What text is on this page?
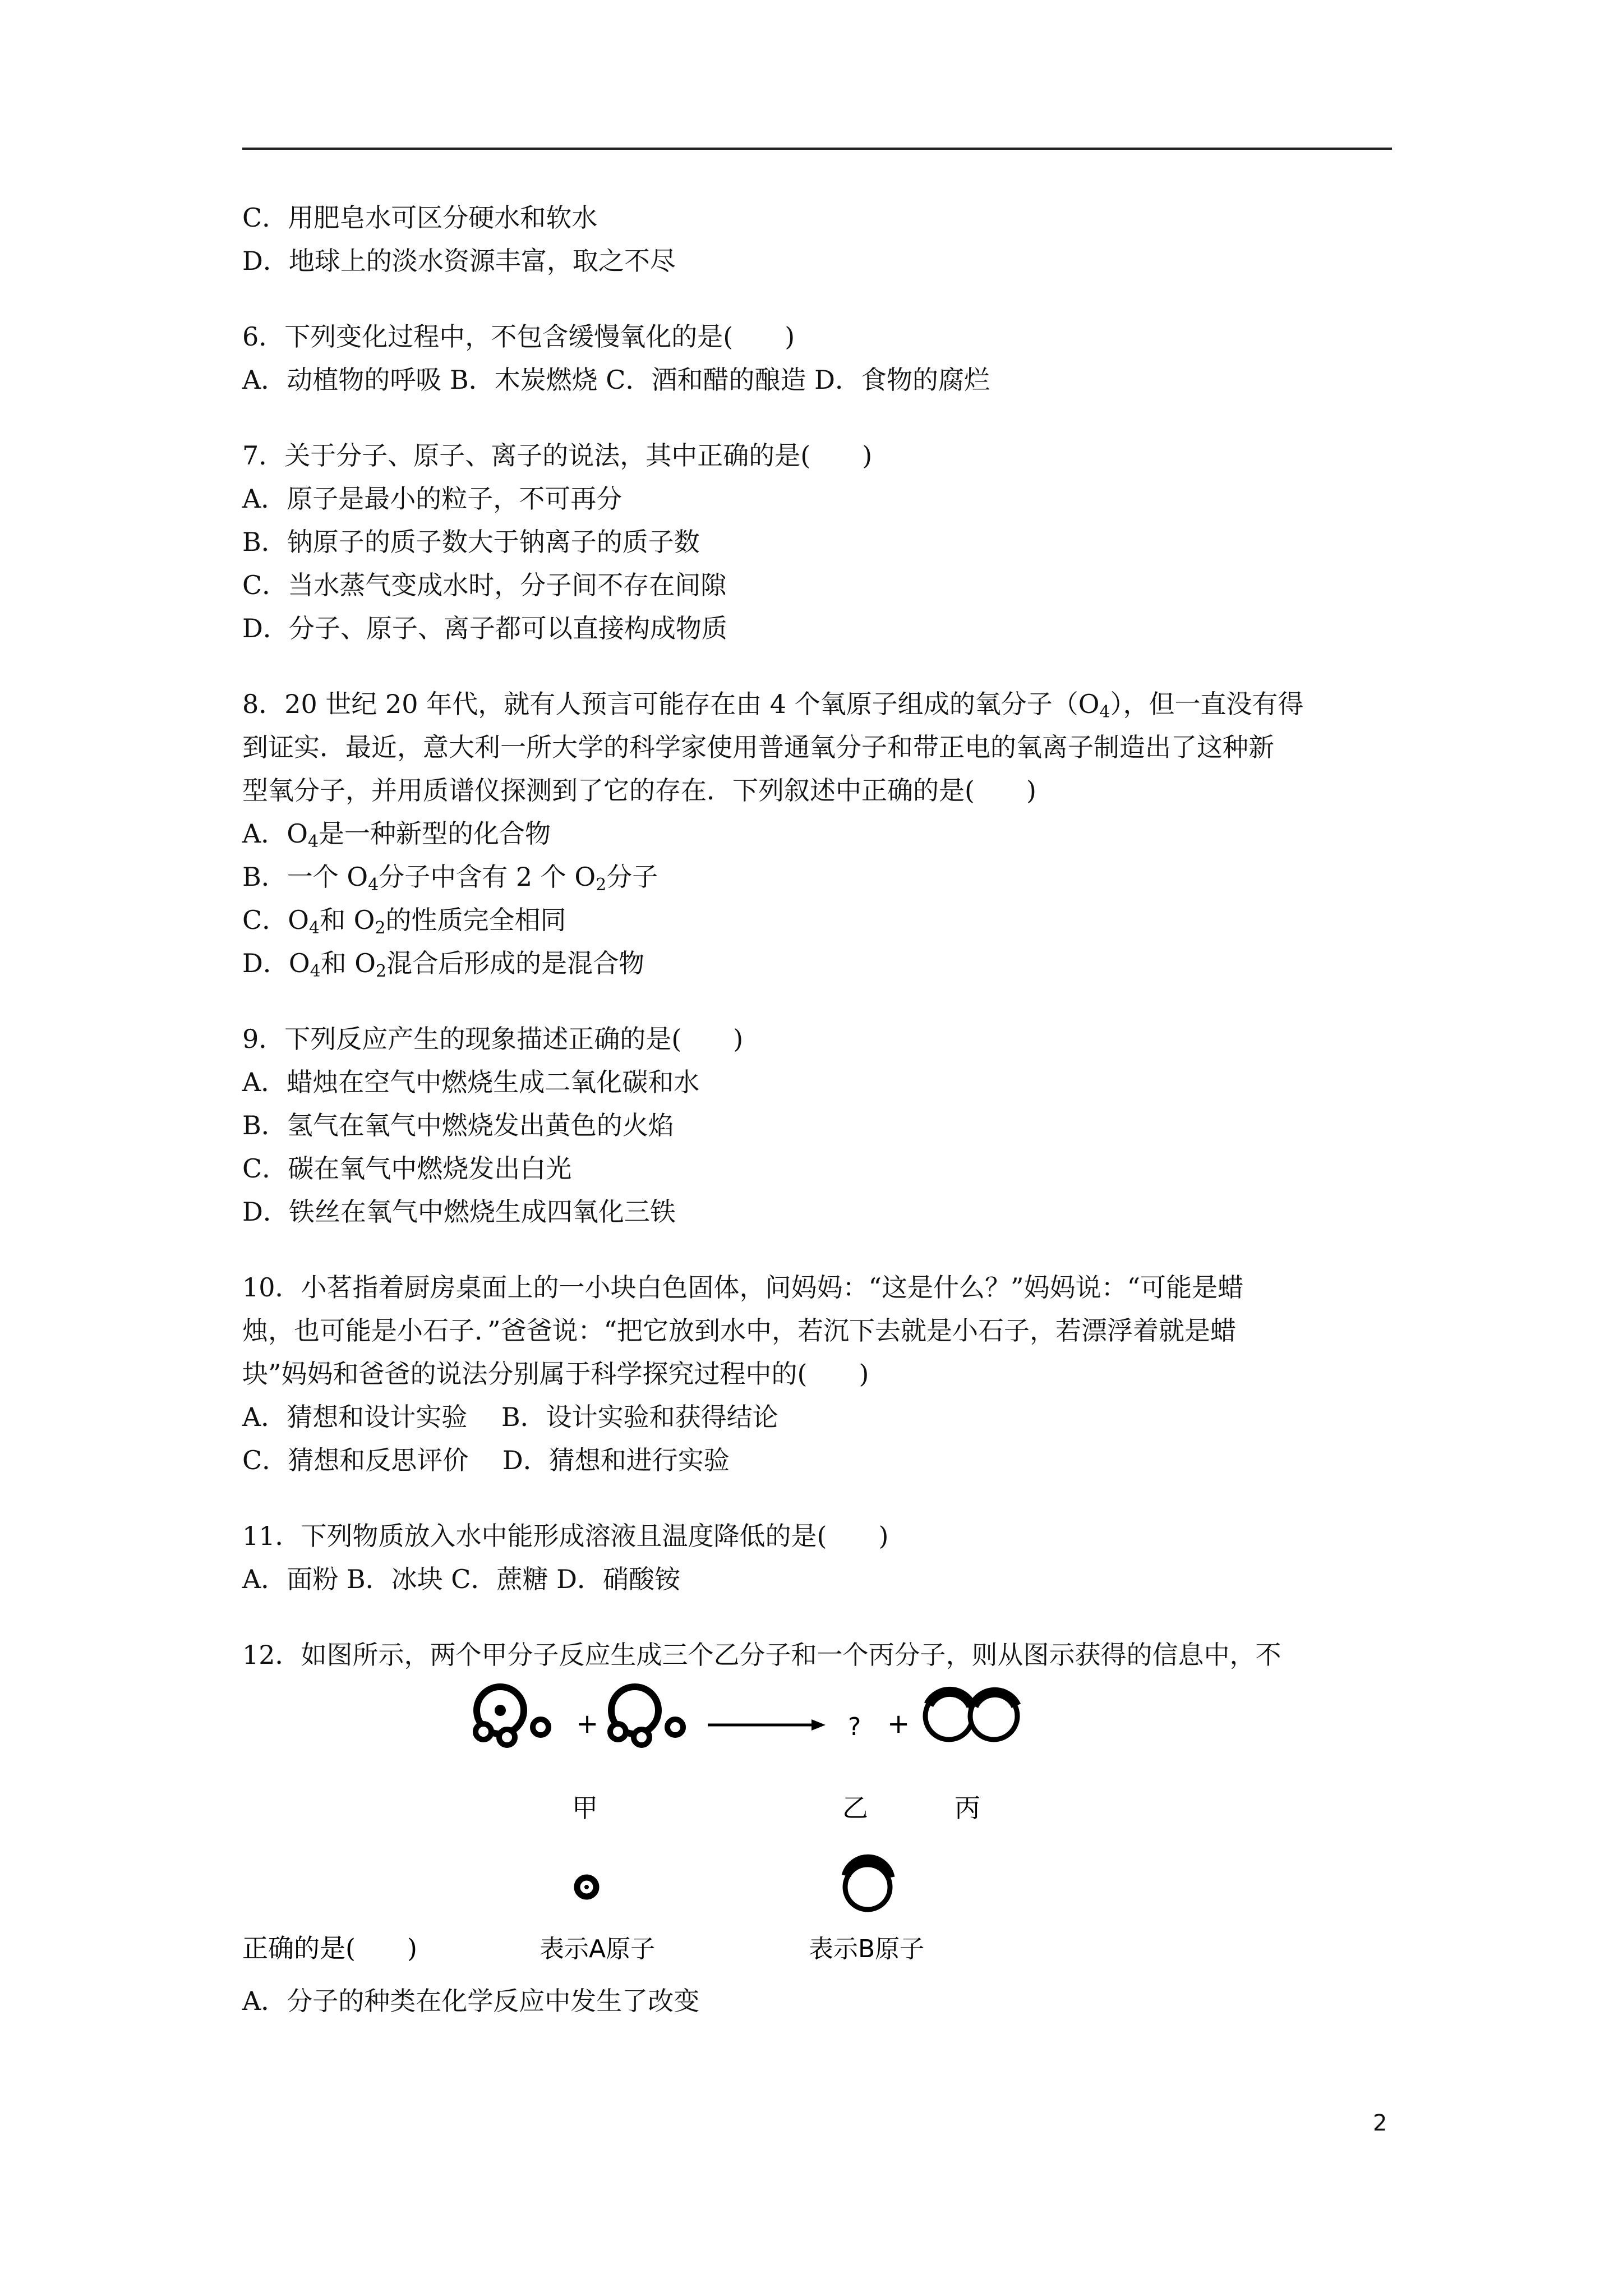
C．用肥皂水可区分硬水和软水
D．地球上的淡水资源丰富，取之不尽
6．下列变化过程中，不包含缓慢氧化的是(　　)
A．动植物的呼吸 B．木炭燃烧 C．酒和醋的酿造 D．食物的腐烂
7．关于分子、原子、离子的说法，其中正确的是(　　)
A．原子是最小的粒子，不可再分
B．钠原子的质子数大于钠离子的质子数
C．当水蒸气变成水时，分子间不存在间隙
D．分子、原子、离子都可以直接构成物质
8．20 世纪 20 年代，就有人预言可能存在由 4 个氧原子组成的氧分子$(O_4)$，但一直没有得
到证实．最近，意大利一所大学的科学家使用普通氧分子和带正电的氧离子制造出了这种新
型氧分子，并用质谱仪探测到了它的存在．下列叙述中正确的是(　　)
A．$O_4$是一种新型的化合物
B．一个 $O_4$分子中含有 2 个 $O_2$分子
C．$O_4$和 $O_2$的性质完全相同
D．$O_4$和 $O_2$混合后形成的是混合物
9．下列反应产生的现象描述正确的是(　　)
A．蜡烛在空气中燃烧生成二氧化碳和水
B．氢气在氧气中燃烧发出黄色的火焰
C．碳在氧气中燃烧发出白光
D．铁丝在氧气中燃烧生成四氧化三铁
10．小茗指着厨房桌面上的一小块白色固体，问妈妈：“这是什么？”妈妈说：“可能是蜡
烛，也可能是小石子．”爸爸说：“把它放到水中，若沉下去就是小石子，若漂浮着就是蜡
块”妈妈和爸爸的说法分别属于科学探究过程中的(　　)
A．猜想和设计实验　 B．设计实验和获得结论
C．猜想和反思评价　 D．猜想和进行实验
11．下列物质放入水中能形成溶液且温度降低的是(　　)
A．面粉 B．冰块 C．蔗糖 D．硝酸铵
12．如图所示，两个甲分子反应生成三个乙分子和一个丙分子，则从图示获得的信息中，不
+	? +
甲	乙	丙
表示A原子	表示B原子
正确的是(　　)
A．分子的种类在化学反应中发生了改变
2
